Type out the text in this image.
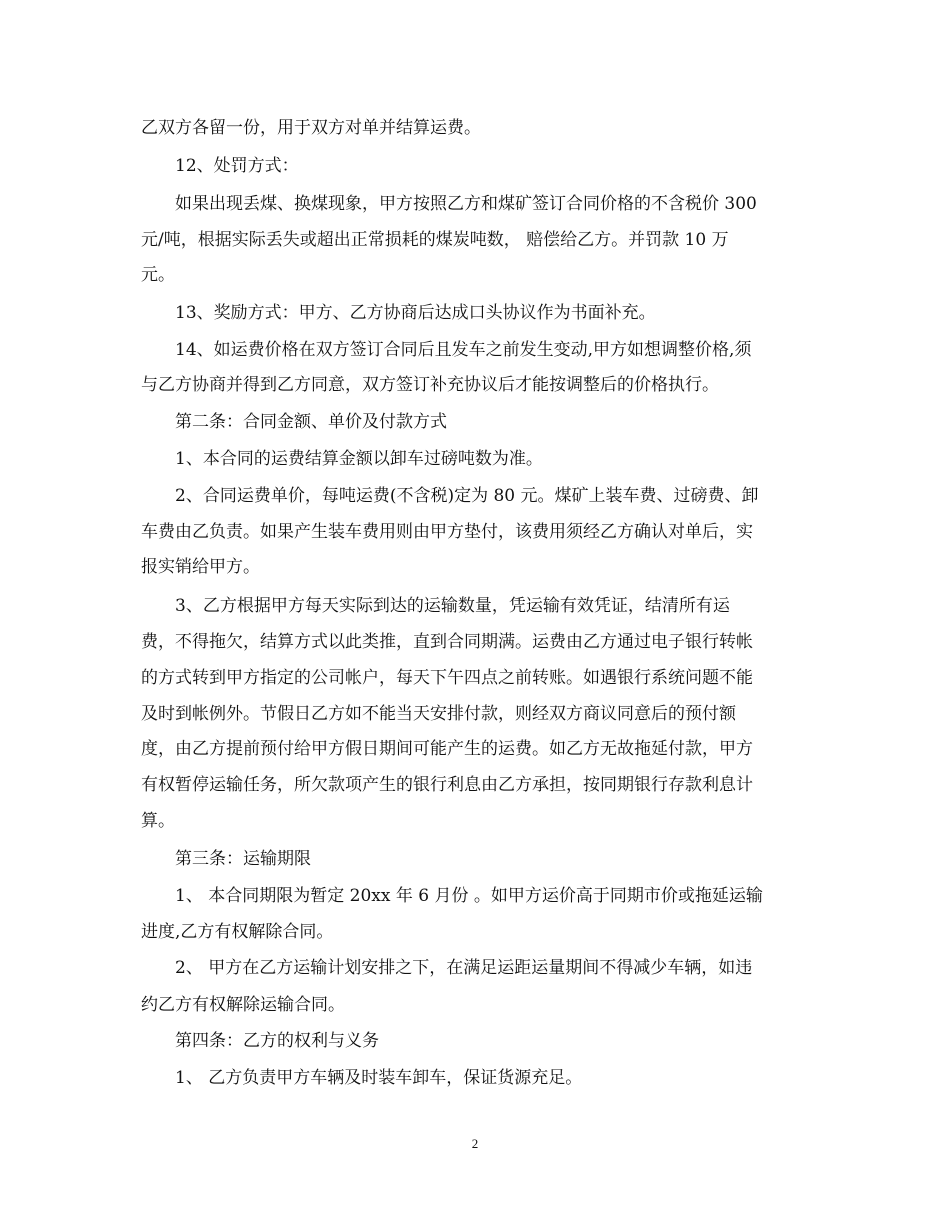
乙双方各留一份，用于双方对单并结算运费。
12、处罚方式：
如果出现丢煤、换煤现象，甲方按照乙方和煤矿签订合同价格的不含税价 300
元/吨，根据实际丢失或超出正常损耗的煤炭吨数， 赔偿给乙方。并罚款 10 万
元。
13、奖励方式：甲方、乙方协商后达成口头协议作为书面补充。
14、如运费价格在双方签订合同后且发车之前发生变动,甲方如想调整价格,须
与乙方协商并得到乙方同意，双方签订补充协议后才能按调整后的价格执行。
第二条：合同金额、单价及付款方式
1、本合同的运费结算金额以卸车过磅吨数为准。
2、合同运费单价，每吨运费(不含税)定为 80 元。煤矿上装车费、过磅费、卸
车费由乙负责。如果产生装车费用则由甲方垫付，该费用须经乙方确认对单后，实
报实销给甲方。
3、乙方根据甲方每天实际到达的运输数量，凭运输有效凭证，结清所有运
费，不得拖欠，结算方式以此类推，直到合同期满。运费由乙方通过电子银行转帐
的方式转到甲方指定的公司帐户，每天下午四点之前转账。如遇银行系统问题不能
及时到帐例外。节假日乙方如不能当天安排付款，则经双方商议同意后的预付额
度，由乙方提前预付给甲方假日期间可能产生的运费。如乙方无故拖延付款，甲方
有权暂停运输任务，所欠款项产生的银行利息由乙方承担，按同期银行存款利息计
算。
第三条：运输期限
1、 本合同期限为暂定 20xx 年 6 月份 。如甲方运价高于同期市价或拖延运输
进度,乙方有权解除合同。
2、 甲方在乙方运输计划安排之下，在满足运距运量期间不得减少车辆，如违
约乙方有权解除运输合同。
第四条：乙方的权利与义务
1、 乙方负责甲方车辆及时装车卸车，保证货源充足。
2
